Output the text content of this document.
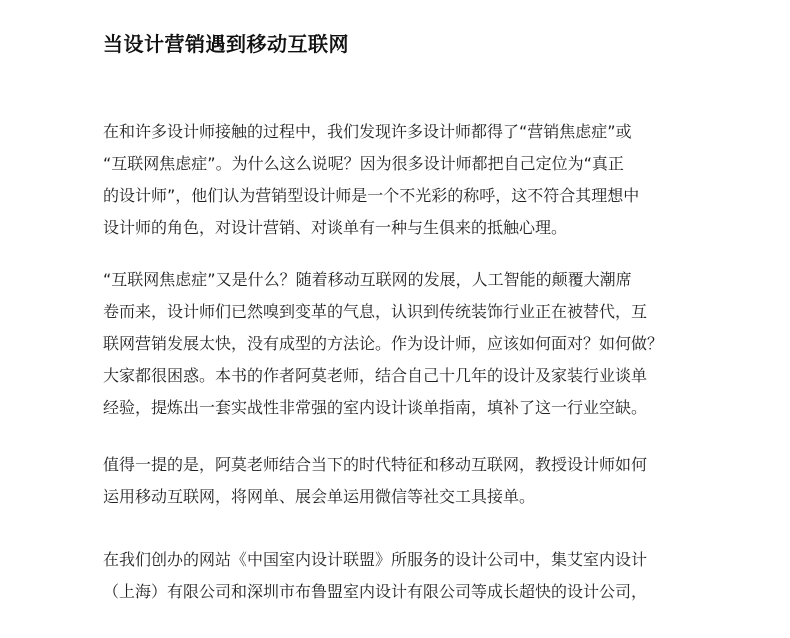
当设计营销遇到移动互联网

在和许多设计师接触的过程中，我们发现许多设计师都得了“营销焦虑症”或
“互联网焦虑症”。为什么这么说呢？因为很多设计师都把自己定位为“真正
的设计师”，他们认为营销型设计师是一个不光彩的称呼，这不符合其理想中
设计师的角色，对设计营销、对谈单有一种与生俱来的抵触心理。

“互联网焦虑症”又是什么？随着移动互联网的发展，人工智能的颠覆大潮席
卷而来，设计师们已然嗅到变革的气息，认识到传统装饰行业正在被替代，互
联网营销发展太快，没有成型的方法论。作为设计师，应该如何面对？如何做？
大家都很困惑。本书的作者阿莫老师，结合自己十几年的设计及家装行业谈单
经验，提炼出一套实战性非常强的室内设计谈单指南，填补了这一行业空缺。

值得一提的是，阿莫老师结合当下的时代特征和移动互联网，教授设计师如何
运用移动互联网，将网单、展会单运用微信等社交工具接单。

在我们创办的网站《中国室内设计联盟》所服务的设计公司中，集艾室内设计
（上海）有限公司和深圳市布鲁盟室内设计有限公司等成长超快的设计公司，
